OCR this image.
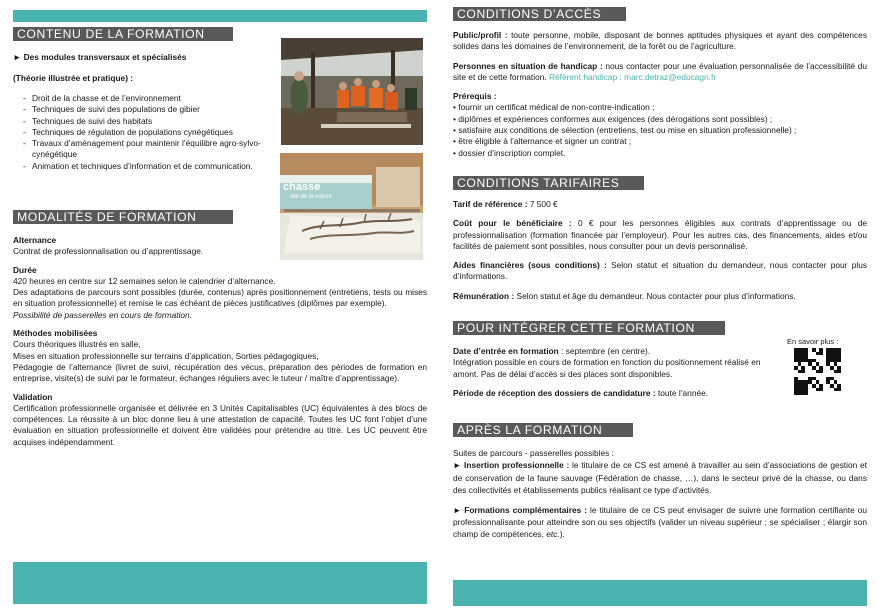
CONTENU DE LA FORMATION
► Des modules transversaux et spécialisés
(Théorie illustrée et pratique) :
- Droit de la chasse et de l’environnement
- Techniques de suivi des populations de gibier
- Techniques de suivi des habitats
- Techniques de régulation de populations cynégétiques
- Travaux d’aménagement pour maintenir l’équilibre agro-sylvo-cynégétique
- Animation et techniques d’information et de communication.
chasse
rée de la nature
MODALITÉS DE FORMATION

Alternance

Contrat de professionnalisation ou d’apprentissage.

Durée

420 heures en centre sur 12 semaines selon le calendrier d’alternance.

Des adaptations de parcours sont possibles (durée, contenus) après positionnement (entretiens, tests ou mises en situation professionnelle) et remise le cas échéant de pièces justificatives (diplômes par exemple).

Possibilité de passerelles en cours de formation.

Méthodes mobilisées

Cours théoriques illustrés en salle,

Mises en situation professionnelle sur terrains d’application, Sorties pédagogiques,

Pédagogie de l’alternance (livret de suivi, récupération des vécus, préparation des périodes de formation en entreprise, visite(s) de suivi par le formateur, échanges réguliers avec le tuteur / maître d’apprentissage).

Validation

Certification professionnelle organisée et délivrée en 3 Unités Capitalisables (UC) équivalentes à des blocs de compétences. La réussite à un bloc donne lieu à une attestation de capacité. Toutes les UC font l’objet d’une évaluation en situation professionnelle et doivent être validées pour prétendre au titre. Les UC peuvent être acquises indépendamment.

CONDITIONS D’ACCÈS

Public/profil : toute personne, mobile, disposant de bonnes aptitudes physiques et ayant des compétences solides dans les domaines de l’environnement, de la forêt ou de l’agriculture.

Personnes en situation de handicap : nous contacter pour une évaluation personnalisée de l’accessibilité du site et de cette formation. Référent handicap : marc.detraz@educagri.fr

Prérequis :

• fournir un certificat médical de non-contre-indication ;

• diplômes et expériences conformes aux exigences (des dérogations sont possibles) ;

• satisfaire aux conditions de sélection (entretiens, test ou mise en situation professionnelle) ;

• être éligible à l’alternance et signer un contrat ;

• dossier d’inscription complet.

CONDITIONS TARIFAIRES

Tarif de référence : 7 500 €

Coût pour le bénéficiaire : 0 € pour les personnes éligibles aux contrats d’apprentissage ou de professionnalisation (formation financée par l’employeur). Pour les autres cas, des financements, aides et/ou facilités de paiement sont possibles, nous consulter pour un devis personnalisé.

Aides financières (sous conditions) : Selon statut et situation du demandeur, nous contacter pour plus d’informations.

Rémunération : Selon statut et âge du demandeur. Nous contacter pour plus d’informations.

POUR INTÉGRER CETTE FORMATION
En savoir plus :

Date d’entrée en formation : septembre (en centre).

Intégration possible en cours de formation en fonction du positionnement réalisé en amont. Pas de délai d’accès si des places sont disponibles.

Période de réception des dossiers de candidature : toute l’année.

APRÈS LA FORMATION

Suites de parcours - passerelles possibles :

► Insertion professionnelle : le titulaire de ce CS est amené à travailler au sein d’associations de gestion et de conservation de la faune sauvage (Fédération de chasse, …), dans le secteur privé de la chasse, ou dans des collectivités et établissements publics réalisant ce type d’activités.

► Formations complémentaires : le titulaire de ce CS peut envisager de suivre une formation certifiante ou professionnalisante pour atteindre son ou ses objectifs (valider un niveau supérieur ; se spécialiser ; élargir son champ de compétences, etc.).
